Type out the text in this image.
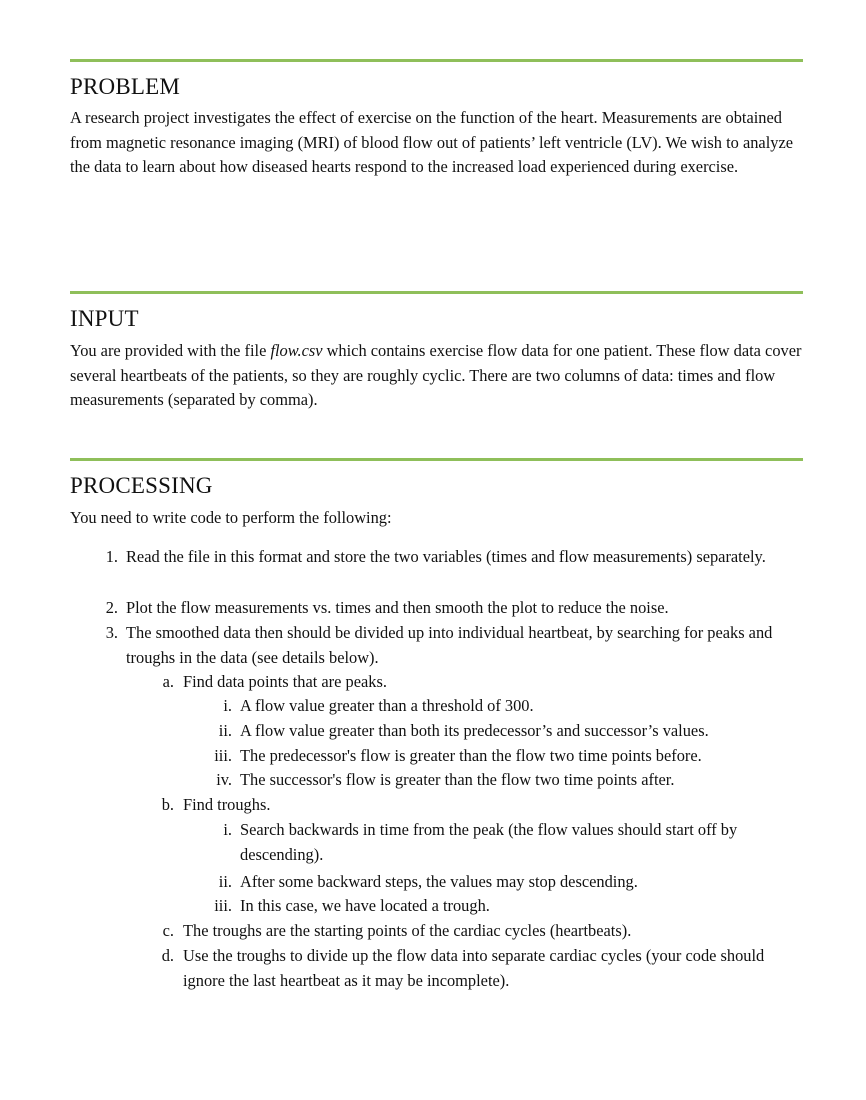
PROBLEM

A research project investigates the effect of exercise on the function of the heart. Measurements are obtained from magnetic resonance imaging (MRI) of blood flow out of patients’ left ventricle (LV). We wish to analyze the data to learn about how diseased hearts respond to the increased load experienced during exercise.

INPUT

You are provided with the file flow.csv which contains exercise flow data for one patient. These flow data cover several heartbeats of the patients, so they are roughly cyclic. There are two columns of data: times and flow measurements (separated by comma).

PROCESSING

You need to write code to perform the following:

1. Read the file in this format and store the two variables (times and flow measurements) separately.
2. Plot the flow measurements vs. times and then smooth the plot to reduce the noise.
3. The smoothed data then should be divided up into individual heartbeat, by searching for peaks and troughs in the data (see details below).
a. Find data points that are peaks.
i. A flow value greater than a threshold of 300.
ii. A flow value greater than both its predecessor’s and successor’s values.
iii. The predecessor's flow is greater than the flow two time points before.
iv. The successor's flow is greater than the flow two time points after.
b. Find troughs.
i. Search backwards in time from the peak (the flow values should start off by descending).
ii. After some backward steps, the values may stop descending.
iii. In this case, we have located a trough.
c. The troughs are the starting points of the cardiac cycles (heartbeats).
d. Use the troughs to divide up the flow data into separate cardiac cycles (your code should ignore the last heartbeat as it may be incomplete).
